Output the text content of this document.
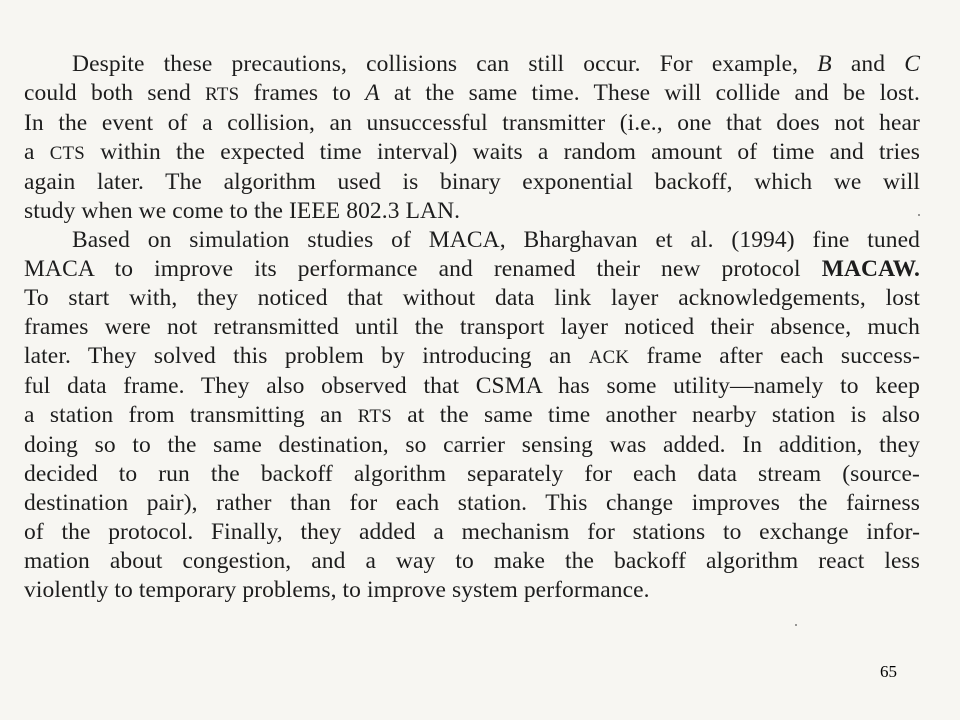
Despite these precautions, collisions can still occur. For example, B and C
could both send RTS frames to A at the same time. These will collide and be lost.
In the event of a collision, an unsuccessful transmitter (i.e., one that does not hear
a CTS within the expected time interval) waits a random amount of time and tries
again later. The algorithm used is binary exponential backoff, which we will
study when we come to the IEEE 802.3 LAN.
Based on simulation studies of MACA, Bharghavan et al. (1994) fine tuned
MACA to improve its performance and renamed their new protocol MACAW.
To start with, they noticed that without data link layer acknowledgements, lost
frames were not retransmitted until the transport layer noticed their absence, much
later. They solved this problem by introducing an ACK frame after each success-
ful data frame. They also observed that CSMA has some utility—namely to keep
a station from transmitting an RTS at the same time another nearby station is also
doing so to the same destination, so carrier sensing was added. In addition, they
decided to run the backoff algorithm separately for each data stream (source-
destination pair), rather than for each station. This change improves the fairness
of the protocol. Finally, they added a mechanism for stations to exchange infor-
mation about congestion, and a way to make the backoff algorithm react less
violently to temporary problems, to improve system performance.
65
